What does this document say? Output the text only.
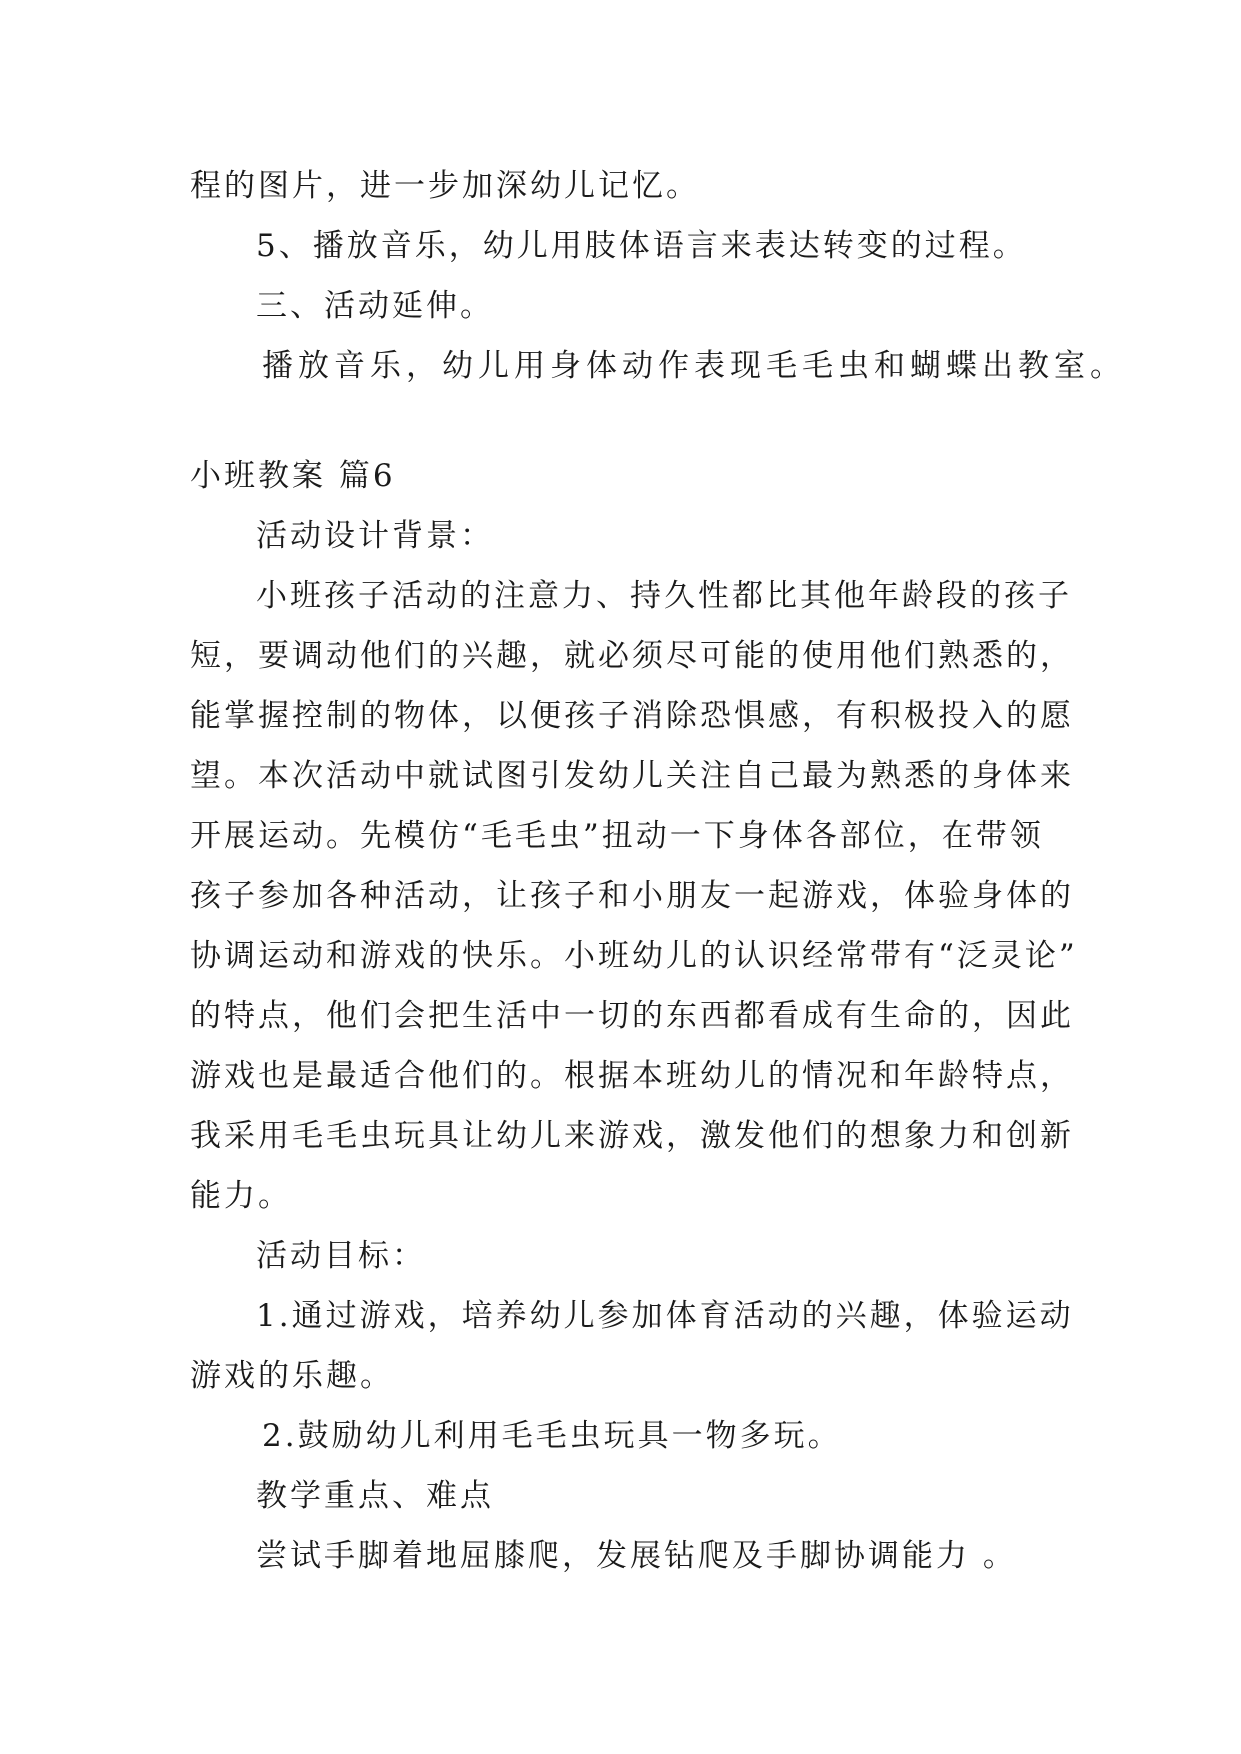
程的图片，进一步加深幼儿记忆。
5、播放音乐，幼儿用肢体语言来表达转变的过程。
三、活动延伸。
播放音乐，幼儿用身体动作表现毛毛虫和蝴蝶出教室。
小班教案 篇6
活动设计背景：
小班孩子活动的注意力、持久性都比其他年龄段的孩子
短，要调动他们的兴趣，就必须尽可能的使用他们熟悉的，
能掌握控制的物体，以便孩子消除恐惧感，有积极投入的愿
望。本次活动中就试图引发幼儿关注自己最为熟悉的身体来
开展运动。先模仿“毛毛虫”扭动一下身体各部位，在带领
孩子参加各种活动，让孩子和小朋友一起游戏，体验身体的
协调运动和游戏的快乐。小班幼儿的认识经常带有“泛灵论”
的特点，他们会把生活中一切的东西都看成有生命的，因此
游戏也是最适合他们的。根据本班幼儿的情况和年龄特点，
我采用毛毛虫玩具让幼儿来游戏，激发他们的想象力和创新
能力。
活动目标：
1.通过游戏，培养幼儿参加体育活动的兴趣，体验运动
游戏的乐趣。
2.鼓励幼儿利用毛毛虫玩具一物多玩。
教学重点、难点
尝试手脚着地屈膝爬，发展钻爬及手脚协调能力 。
